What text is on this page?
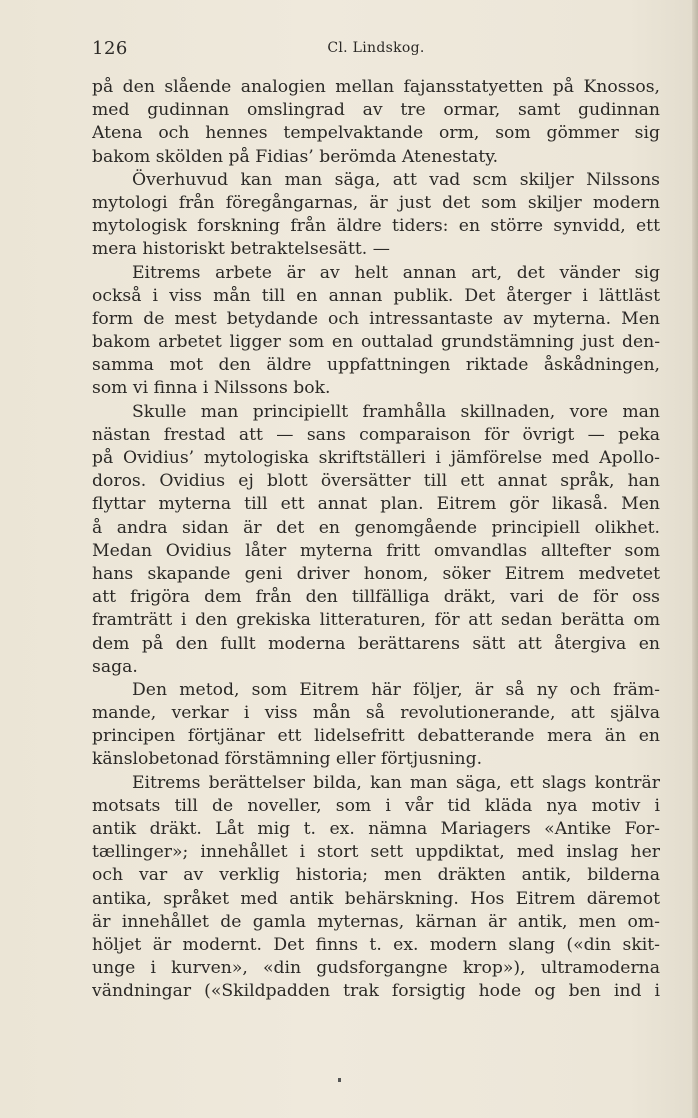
126	Cl. Lindskog.
på den slående analogien mellan fajansstatyetten på Knossos,
med gudinnan omslingrad av tre ormar, samt gudinnan
Atena och hennes tempelvaktande orm, som gömmer sig
bakom skölden på Fidias’ berömda Atenestaty.
Överhuvud kan man säga, att vad scm skiljer Nilssons
mytologi från föregångarnas, är just det som skiljer modern
mytologisk forskning från äldre tiders: en större synvidd, ett
mera historiskt betraktelsesätt. —
Eitrems arbete är av helt annan art, det vänder sig
också i viss mån till en annan publik. Det återger i lättläst
form de mest betydande och intressantaste av myterna. Men
bakom arbetet ligger som en outtalad grundstämning just den-
samma mot den äldre uppfattningen riktade åskådningen,
som vi finna i Nilssons bok.
Skulle man principiellt framhålla skillnaden, vore man
nästan frestad att — sans comparaison för övrigt — peka
på Ovidius’ mytologiska skriftställeri i jämförelse med Apollo-
doros. Ovidius ej blott översätter till ett annat språk, han
flyttar myterna till ett annat plan. Eitrem gör likaså. Men
å andra sidan är det en genomgående principiell olikhet.
Medan Ovidius låter myterna fritt omvandlas alltefter som
hans skapande geni driver honom, söker Eitrem medvetet
att frigöra dem från den tillfälliga dräkt, vari de för oss
framträtt i den grekiska litteraturen, för att sedan berätta om
dem på den fullt moderna berättarens sätt att återgiva en
saga.
Den metod, som Eitrem här följer, är så ny och främ-
mande, verkar i viss mån så revolutionerande, att själva
principen förtjänar ett lidelsefritt debatterande mera än en
känslobetonad förstämning eller förtjusning.
Eitrems berättelser bilda, kan man säga, ett slags konträr
motsats till de noveller, som i vår tid kläda nya motiv i
antik dräkt. Låt mig t. ex. nämna Mariagers «Antike For-
tællinger»; innehållet i stort sett uppdiktat, med inslag her
och var av verklig historia; men dräkten antik, bilderna
antika, språket med antik behärskning. Hos Eitrem däremot
är innehållet de gamla myternas, kärnan är antik, men om-
höljet är modernt. Det finns t. ex. modern slang («din skit-
unge i kurven», «din gudsforgangne krop»), ultramoderna
vändningar («Skildpadden trak forsigtig hode og ben ind i
